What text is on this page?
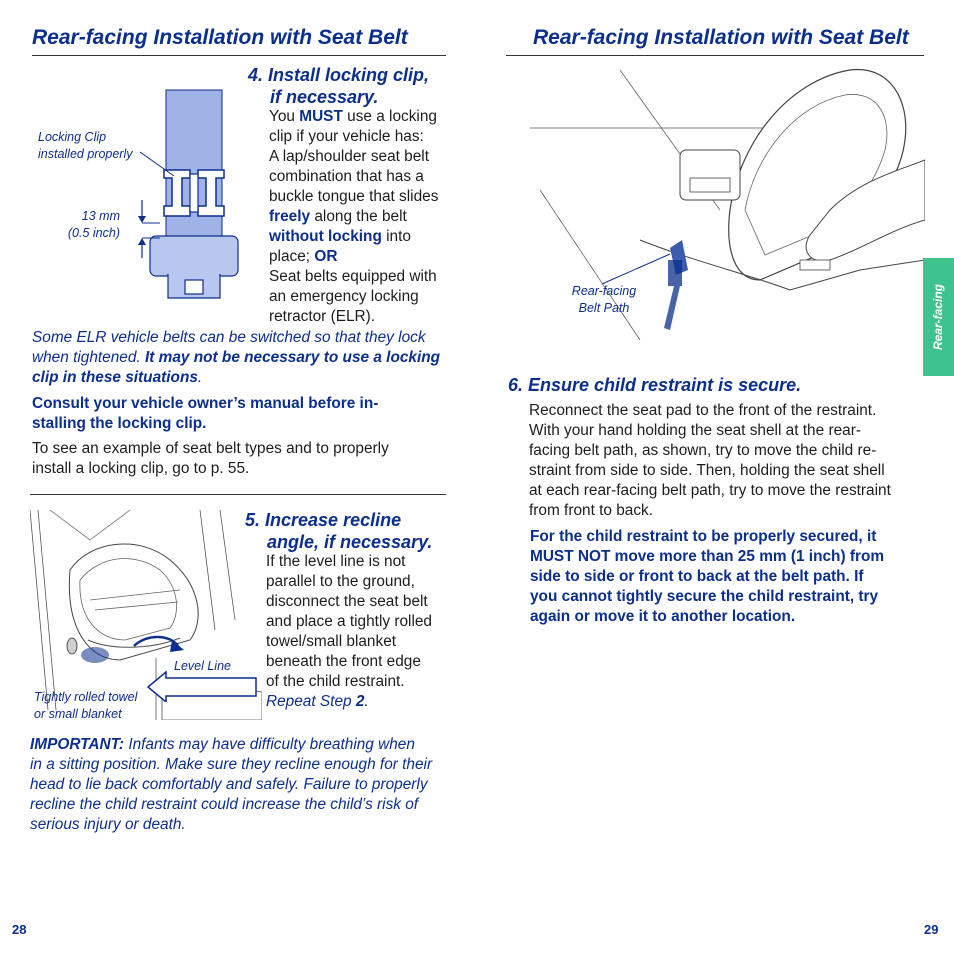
Rear-facing Installation with Seat Belt
Locking Clip
installed properly
13 mm
(0.5 inch)
4. Install locking clip,
if necessary.
You MUST use a locking
clip if your vehicle has:
A lap/shoulder seat belt
combination that has a
buckle tongue that slides
freely along the belt
without locking into
place; OR
Seat belts equipped with
an emergency locking
retractor (ELR).
Some ELR vehicle belts can be switched so that they lock
when tightened. It may not be necessary to use a locking
clip in these situations.
Consult your vehicle owner’s manual before in-
stalling the locking clip.
To see an example of seat belt types and to properly
install a locking clip, go to p. 55.
Level Line
Tightly rolled towel
or small blanket
5. Increase recline
angle, if necessary.
If the level line is not
parallel to the ground,
disconnect the seat belt
and place a tightly rolled
towel/small blanket
beneath the front edge
of the child restraint.
Repeat Step 2.
IMPORTANT: Infants may have difficulty breathing when
in a sitting position. Make sure they recline enough for their
head to lie back comfortably and safely. Failure to properly
recline the child restraint could increase the child’s risk of
serious injury or death.
28
Rear-facing Installation with Seat Belt
Rear-facing
Belt Path
6. Ensure child restraint is secure.
Reconnect the seat pad to the front of the restraint.
With your hand holding the seat shell at the rear-
facing belt path, as shown, try to move the child re-
straint from side to side. Then, holding the seat shell
at each rear-facing belt path, try to move the restraint
from front to back.
For the child restraint to be properly secured, it
MUST NOT move more than 25 mm (1 inch) from
side to side or front to back at the belt path. If
you cannot tightly secure the child restraint, try
again or move it to another location.
Rear-facing
29
